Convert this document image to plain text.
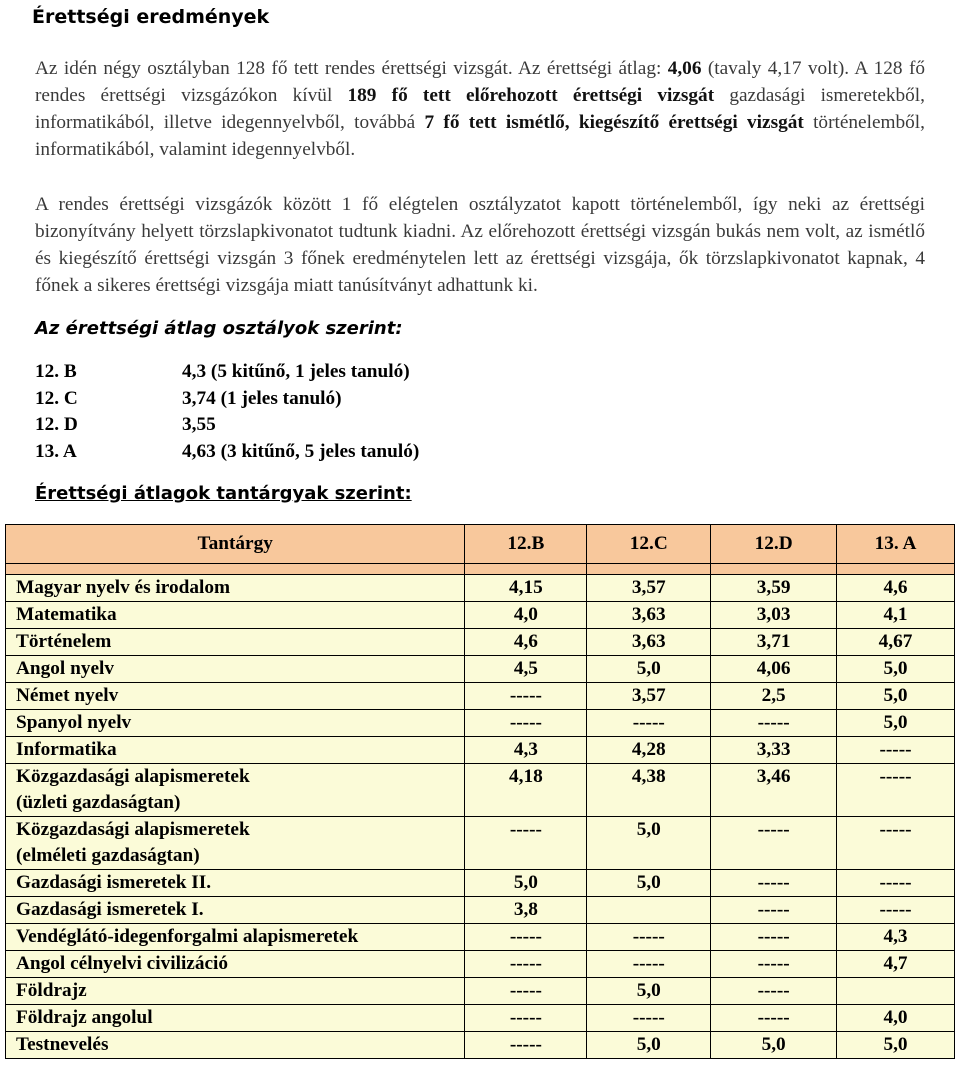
Érettségi eredmények
Az idén négy osztályban 128 fő tett rendes érettségi vizsgát. Az érettségi átlag: 4,06 (tavaly 4,17 volt). A 128 fő rendes érettségi vizsgázókon kívül 189 fő tett előrehozott érettségi vizsgát gazdasági ismeretekből, informatikából, illetve idegennyelvből, továbbá 7 fő tett ismétlő, kiegészítő érettségi vizsgát történelemből, informatikából, valamint idegennyelvből.
A rendes érettségi vizsgázók között 1 fő elégtelen osztályzatot kapott történelemből, így neki az érettségi bizonyítvány helyett törzslapkivonatot tudtunk kiadni. Az előrehozott érettségi vizsgán bukás nem volt, az ismétlő és kiegészítő érettségi vizsgán 3 főnek eredménytelen lett az érettségi vizsgája, ők törzslapkivonatot kapnak, 4 főnek a sikeres érettségi vizsgája miatt tanúsítványt adhattunk ki.
Az érettségi átlag osztályok szerint:
12. B	4,3 (5 kitűnő, 1 jeles tanuló)
12. C	3,74 (1 jeles tanuló)
12. D	3,55
13. A	4,63 (3 kitűnő, 5 jeles tanuló)
Érettségi átlagok tantárgyak szerint:
Tantárgy	12.B	12.C	12.D	13. A

Magyar nyelv és irodalom	4,15	3,57	3,59	4,6
Matematika	4,0	3,63	3,03	4,1
Történelem	4,6	3,63	3,71	4,67
Angol nyelv	4,5	5,0	4,06	5,0
Német nyelv	-----	3,57	2,5	5,0
Spanyol nyelv	-----	-----	-----	5,0
Informatika	4,3	4,28	3,33	-----
Közgazdasági alapismeretek
(üzleti gazdaságtan)	4,18	4,38	3,46	-----
Közgazdasági alapismeretek
(elméleti gazdaságtan)	-----	5,0	-----	-----
Gazdasági ismeretek II.	5,0	5,0	-----	-----
Gazdasági ismeretek I.	3,8		-----	-----
Vendéglátó-idegenforgalmi alapismeretek	-----	-----	-----	4,3
Angol célnyelvi civilizáció	-----	-----	-----	4,7
Földrajz	-----	5,0	-----	
Földrajz angolul	-----	-----	-----	4,0
Testnevelés	-----	5,0	5,0	5,0
